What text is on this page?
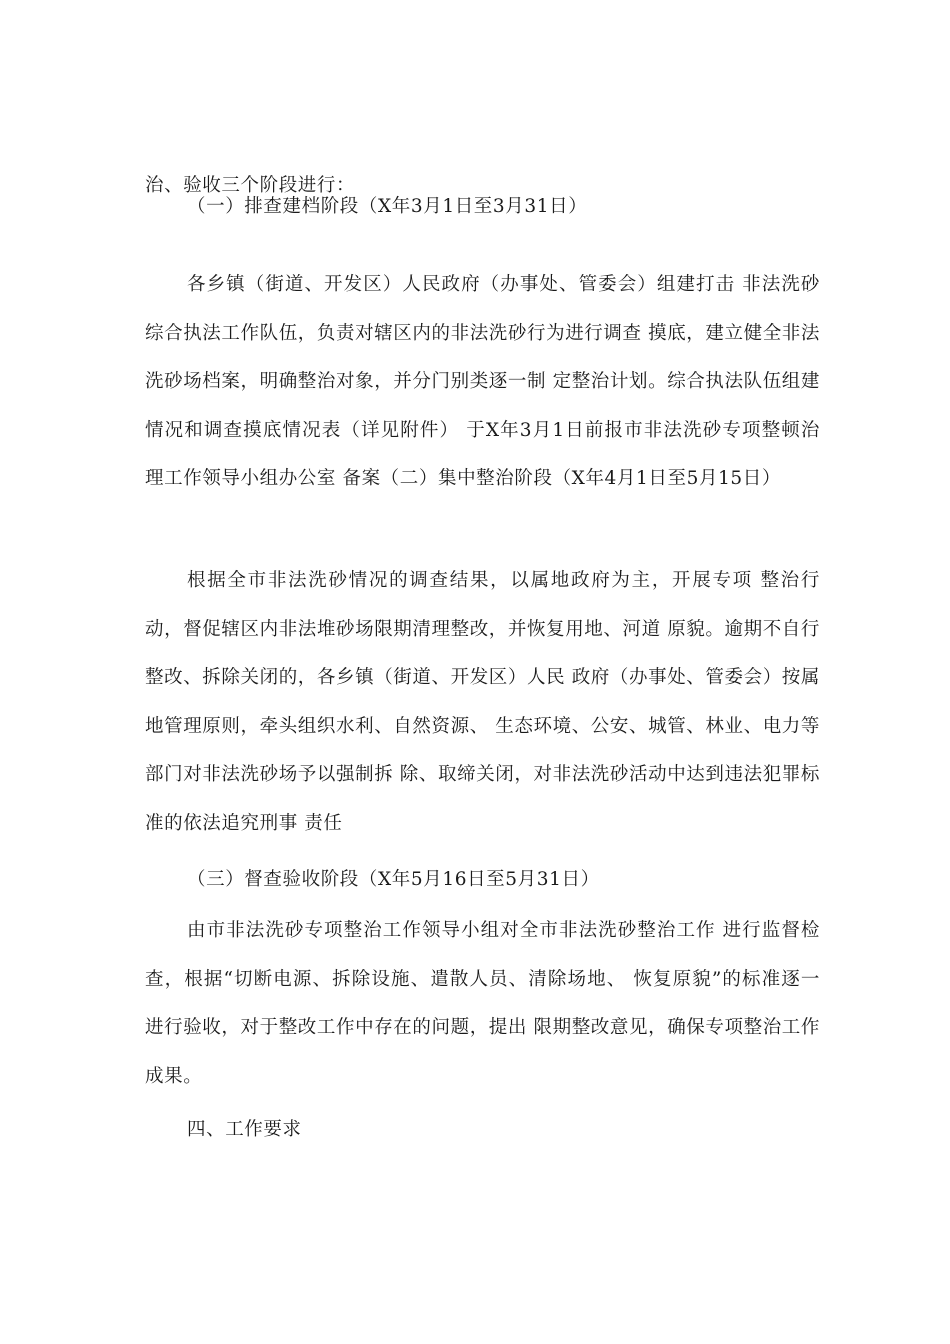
治、验收三个阶段进行：

（一）排查建档阶段（X年3月1日至3月31日）

各乡镇（街道、开发区）人民政府（办事处、管委会）组建打击 非法洗砂综合执法工作队伍，负责对辖区内的非法洗砂行为进行调查 摸底，建立健全非法洗砂场档案，明确整治对象，并分门别类逐一制 定整治计划。综合执法队伍组建情况和调查摸底情况表（详见附件） 于X年3月1日前报市非法洗砂专项整顿治理工作领导小组办公室 备案（二）集中整治阶段（X年4月1日至5月15日）

根据全市非法洗砂情况的调查结果，以属地政府为主，开展专项 整治行动，督促辖区内非法堆砂场限期清理整改，并恢复用地、河道 原貌。逾期不自行整改、拆除关闭的，各乡镇（街道、开发区）人民 政府（办事处、管委会）按属地管理原则，牵头组织水利、自然资源、 生态环境、公安、城管、林业、电力等部门对非法洗砂场予以强制拆 除、取缔关闭，对非法洗砂活动中达到违法犯罪标准的依法追究刑事 责任

（三）督查验收阶段（X年5月16日至5月31日）

由市非法洗砂专项整治工作领导小组对全市非法洗砂整治工作 进行监督检查，根据“切断电源、拆除设施、遣散人员、清除场地、 恢复原貌”的标准逐一进行验收，对于整改工作中存在的问题，提出 限期整改意见，确保专项整治工作成果。

四、工作要求
